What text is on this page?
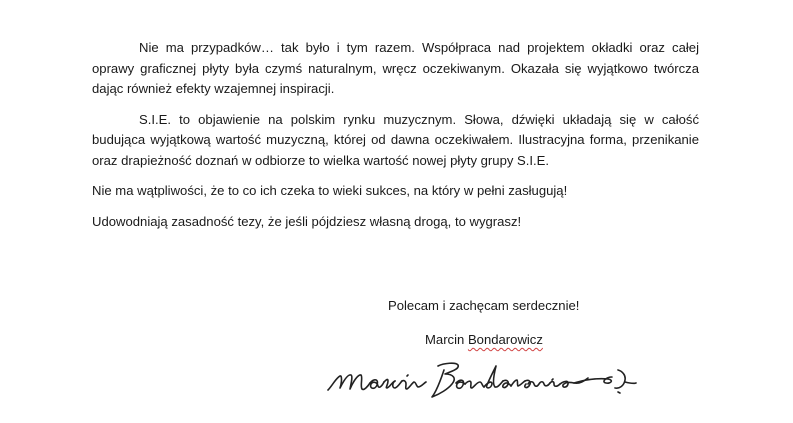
Nie ma przypadków… tak było i tym razem. Współpraca nad projektem okładki oraz całej oprawy graficznej płyty była czymś naturalnym, wręcz oczekiwanym. Okazała się wyjątkowo twórcza dając również efekty wzajemnej inspiracji.

S.I.E. to objawienie na polskim rynku muzycznym. Słowa, dźwięki układają się w całość budująca wyjątkową wartość muzyczną, której od dawna oczekiwałem. Ilustracyjna forma, przenikanie oraz drapieżność doznań w odbiorze to wielka wartość nowej płyty grupy S.I.E.

Nie ma wątpliwości, że to co ich czeka to wieki sukces, na który w pełni zasługują!

Udowodniają zasadność tezy, że jeśli pójdziesz własną drogą, to wygrasz!

Polecam i zachęcam serdecznie!
Marcin Bondarowicz
